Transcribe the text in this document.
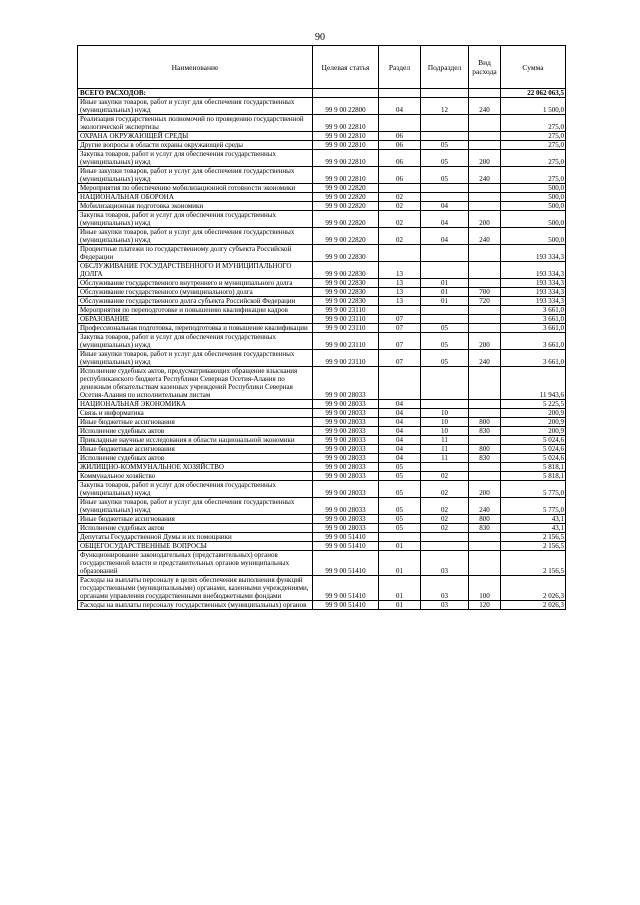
90
Наименование	Целевая статья	Раздел	Подраздел	Вид расхода	Сумма
ВСЕГО РАСХОДОВ:					22 062 063,5
Иные закупки товаров, работ и услуг для обеспечения государственных (муниципальных) нужд	99 9 00 22800	04	12	240	1 500,0
Реализация государственных полномочий по проведению государственной экологической экспертизы	99 9 00 22810				275,0
ОХРАНА ОКРУЖАЮЩЕЙ СРЕДЫ	99 9 00 22810	06			275,0
Другие вопросы в области охраны окружающей среды	99 9 00 22810	06	05		275,0
Закупка товаров, работ и услуг для обеспечения государственных (муниципальных) нужд	99 9 00 22810	06	05	200	275,0
Иные закупки товаров, работ и услуг для обеспечения государственных (муниципальных) нужд	99 9 00 22810	06	05	240	275,0
Мероприятия по обеспечению мобилизационной готовности экономики	99 9 00 22820				500,0
НАЦИОНАЛЬНАЯ ОБОРОНА	99 9 00 22820	02			500,0
Мобилизационная подготовка экономики	99 9 00 22820	02	04		500,0
Закупка товаров, работ и услуг для обеспечения государственных (муниципальных) нужд	99 9 00 22820	02	04	200	500,0
Иные закупки товаров, работ и услуг для обеспечения государственных (муниципальных) нужд	99 9 00 22820	02	04	240	500,0
Процентные платежи по государственному долгу субъекта Российской Федерации	99 9 00 22830				193 334,3
ОБСЛУЖИВАНИЕ ГОСУДАРСТВЕННОГО И МУНИЦИПАЛЬНОГО ДОЛГА	99 9 00 22830	13			193 334,3
Обслуживание государственного внутреннего и муниципального долга	99 9 00 22830	13	01		193 334,3
Обслуживание государственного (муниципального) долга	99 9 00 22830	13	01	700	193 334,3
Обслуживание государственного долга субъекта Российской Федерации	99 9 00 22830	13	01	720	193 334,3
Мероприятия по переподготовке и повышению квалификации кадров	99 9 00 23110				3 661,0
ОБРАЗОВАНИЕ	99 9 00 23110	07			3 661,0
Профессиональная подготовка, переподготовка и повышение квалификации	99 9 00 23110	07	05		3 661,0
Закупка товаров, работ и услуг для обеспечения государственных (муниципальных) нужд	99 9 00 23110	07	05	200	3 661,0
Иные закупки товаров, работ и услуг для обеспечения государственных (муниципальных) нужд	99 9 00 23110	07	05	240	3 661,0
Исполнение судебных актов, предусматривающих обращение взыскания республиканского бюджета Республики Северная Осетия-Алания по денежным обязательствам казенных учреждений Республики Северная Осетия-Алания по исполнительным листам	99 9 00 28033				11 943,6
НАЦИОНАЛЬНАЯ ЭКОНОМИКА	99 9 00 28033	04			5 225,5
Связь и информатика	99 9 00 28033	04	10		200,9
Иные бюджетные ассигнования	99 9 00 28033	04	10	800	200,9
Исполнение судебных актов	99 9 00 28033	04	10	830	200,9
Прикладные научные исследования в области национальной экономики	99 9 00 28033	04	11		5 024,6
Иные бюджетные ассигнования	99 9 00 28033	04	11	800	5 024,6
Исполнение судебных актов	99 9 00 28033	04	11	830	5 024,6
ЖИЛИЩНО-КОММУНАЛЬНОЕ ХОЗЯЙСТВО	99 9 00 28033	05			5 818,1
Коммунальное хозяйство	99 9 00 28033	05	02		5 818,1
Закупка товаров, работ и услуг для обеспечения государственных (муниципальных) нужд	99 9 00 28033	05	02	200	5 775,0
Иные закупки товаров, работ и услуг для обеспечения государственных (муниципальных) нужд	99 9 00 28033	05	02	240	5 775,0
Иные бюджетные ассигнования	99 9 00 28033	05	02	800	43,1
Исполнение судебных актов	99 9 00 28033	05	02	830	43,1
Депутаты Государственной Думы и их помощники	99 9 00 51410				2 156,5
ОБЩЕГОСУДАРСТВЕННЫЕ ВОПРОСЫ	99 9 00 51410	01			2 156,5
Функционирование законодательных (представительных) органов государственной власти и представительных органов муниципальных образований	99 9 00 51410	01	03		2 156,5
Расходы на выплаты персоналу в целях обеспечения выполнения функций государственными (муниципальными) органами, казенными учреждениями, органами управления государственными внебюджетными фондами	99 9 00 51410	01	03	100	2 026,3
Расходы на выплаты персоналу государственных (муниципальных) органов	99 9 00 51410	01	03	120	2 026,3
